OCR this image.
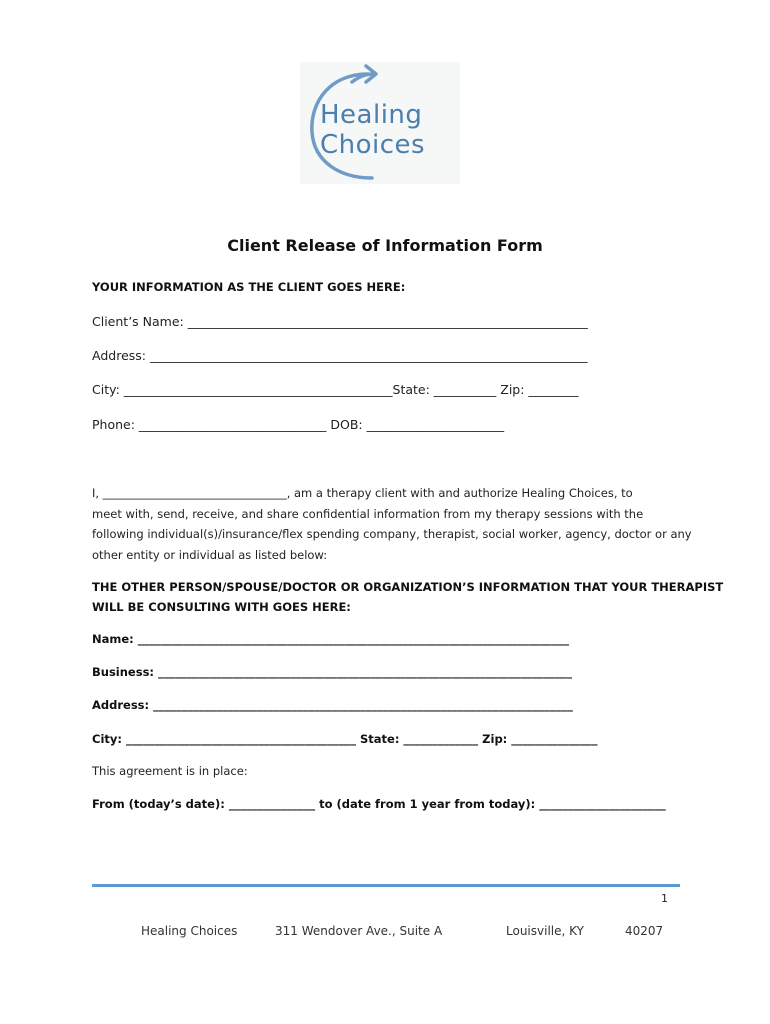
Healing
Choices
Client Release of Information Form
YOUR INFORMATION AS THE CLIENT GOES HERE:
Client’s Name: ________________________________________________________________
Address: ______________________________________________________________________
City: ___________________________________________State: __________ Zip: ________
Phone: ______________________________ DOB: ______________________
I, ________________________________, am a therapy client with and authorize Healing Choices, to
meet with, send, receive, and share confidential information from my therapy sessions with the
following individual(s)/insurance/flex spending company, therapist, social worker, agency, doctor or any
other entity or individual as listed below:
THE OTHER PERSON/SPOUSE/DOCTOR OR ORGANIZATION’S INFORMATION THAT YOUR THERAPIST
WILL BE CONSULTING WITH GOES HERE:
Name: ___________________________________________________________________________
Business: ________________________________________________________________________
Address: _________________________________________________________________________
City: ________________________________________ State: _____________ Zip: _______________
This agreement is in place:
From (today’s date): _______________ to (date from 1 year from today): ______________________
1
Healing Choices	311 Wendover Ave., Suite A	Louisville, KY	40207
